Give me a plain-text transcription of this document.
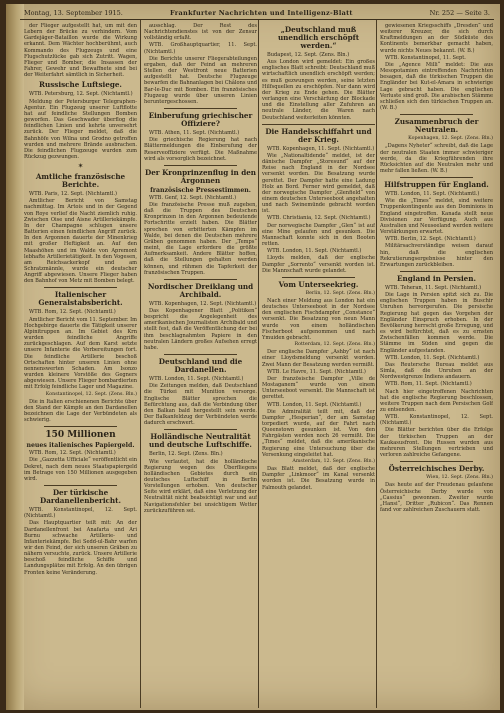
Montag, 13. September 1915.	Frankfurter Nachrichten und Intelligenz-Blatt	Nr. 252 — Seite 3.

der Flieger aufgestellt hat, um mit den Lebern der Brücke zu verhindern. Vom Gardejäger-Bataillon wurde die Wirkung erkannt. Dem Wächter hochberühmt, auch Kommando des Flugzeugs und eine Flugschutzlücke gab sich Zutritt. Wagen, Flieger und Bomber, die Insassen der Fahrer, Gewehr und Bewaffnete sind bei der Weiterfahrt sämtlich in Sicherheit.

Russische Luftsiege.

WTB. Petersburg, 12. Sept. (Nichtamtl.)

Meldung der Petersburger Telegraphen-Agentur. Ein Flugzeug unserer Luftflotte hat auf feindliche Stellungen Bomben geworfen. Das Geschwader überflog die feindlichen Linien und kehrte unversehrt zurück. Der Flieger meldet, daß die Bahnhöfe von Wilna und Grodno getroffen wurden und mehrere Brände ausbrachen. Die feindlichen Flugzeuge wurden zum Rückzug gezwungen.

✶
Amtliche französische Berichte.

WTB. Paris, 12. Sept. (Nichtamtl.)

Amtlicher Bericht von Samstag nachmittag. Im Artois und in der Gegend von Roye verlief die Nacht ziemlich ruhig. Zwischen Oise und Aisne Artilleriekämpfe. In der Champagne schlugen unsere Batterien einen feindlichen Angriff zurück. In den Argonnen dauerte der Minenkrieg mit großer Heftigkeit an. Auf den Maashöhen und im Walde von Apremont lebhafte Artillerietätigkeit. In den Vogesen, am Reichsackerkopf und am Schratzmännle, wurde ein deutscher Angriff abgewiesen. Unsere Flieger haben den Bahnhof von Metz mit Bomben belegt.

Italienischer Generalstabsbericht.

WTB. Rom, 12. Sept. (Nichtamtl.)

Amtlicher Bericht vom 11. September. Im Hochgebirge dauerte die Tätigkeit unserer Alpinitruppen an. Im Gebiet des Krn wurden feindliche Angriffe zurückgeschlagen. Auf dem Karst setzte unsere Infanterie die Vorbereitungen fort. Die feindliche Artillerie beschoß Ortschaften hinter unseren Linien ohne nennenswerten Schaden. Am Isonzo wurden kleinere Vorstöße des Gegners abgewiesen. Unsere Flieger bombardierten mit Erfolg feindliche Lager und Magazine.

Konstantinopel, 12. Sept. (Zens. Bln.)

Die in Italien erschienenen Berichte über den Stand der Kämpfe an den Dardanellen bezeichnen die Lage der Verbündeten als schwierig.

150 Millionen
neues italienisches Papiergeld.

WTB. Rom, 12. Sept. (Nichtamtl.)

Die „Gazzetta Ufficiale“ veröffentlicht ein Dekret, nach dem neues Staatspapiergeld im Betrage von 150 Millionen ausgegeben wird.

Der türkische Dardanellenbericht.

WTB. Konstantinopel, 12. Sept. (Nichtamtl.)

Das Hauptquartier teilt mit: An der Dardanellenfront bei Anafarta und Ari Burnu schwache Artillerie- und Infanteriekämpfe. Bei Sedd-ul-Bahr warfen wir den Feind, der sich unseren Gräben zu nähern versuchte, zurück. Unsere Artillerie beschoß feindliche Schiffe und Landungsplätze mit Erfolg. An den übrigen Fronten keine Veränderung.

ausschlag. Der Rest des Nachrichtendienstes ist von der Zensur vollständig erfaßt.

WTB. Großhauptquartier, 11. Sept. (Nichtamtl.)

Die Berichte unserer Fliegerabteilungen ergaben, daß der Feind an mehreren Stellen der Westfront neue Batterien aufgestellt hat. Deutsche Flugzeuge bewarfen die Bahnanlagen bei Châlons und Bar-le-Duc mit Bomben. Ein französisches Flugzeug wurde über unseren Linien heruntergeschossen.

Einberufung griechischer Offiziere?

WTB. Athen, 11. Sept. (Nichtamtl.)

Die griechische Regierung hat nach Blättermeldungen die Einberufung der Reserveoffiziere verfügt. Die Maßnahme wird als vorsorglich bezeichnet.

Der Kronprinzenflug in den Argonnen
französische Pressestimmen.

WTB. Genf, 12. Sept. (Nichtamtl.)

Die französische Presse muß zugeben, daß die Truppen des Deutschen Kronprinzen in den Argonnen bedeutende Fortschritte erzielt haben. Die Blätter sprechen von erbitterten Kämpfen im Walde, bei denen die Deutschen mehrere Gräben genommen haben. Der „Temps“ meint, die Lage erfordere die größte Aufmerksamkeit. Andere Blätter hoffen, daß die Stellungen gehalten werden können, und rühmen die Tapferkeit der französischen Truppen.

Nordischer Dreiklang und Archibald.

WTB. Kopenhagen, 12. Sept. (Nichtamtl.)

Das Kopenhagener Blatt „Politiken“ bespricht die Angelegenheit des amerikanischen Journalisten Archibald und stellt fest, daß die Veröffentlichung der bei ihm beschlagnahmten Papiere in den neutralen Ländern großes Aufsehen erregt habe.

Deutschland und die Dardanellen.

WTB. London, 11. Sept. (Nichtamtl.)

Die Zeitungen melden, daß Deutschland die Türkei mit Munition versorge. Englische Blätter sprechen die Befürchtung aus, daß die Verbindung über den Balkan bald hergestellt sein werde. Der Balkanfeldzug der Verbündeten werde dadurch erschwert.

Holländische Neutralität und deutsche Luftschiffe.

Berlin, 12. Sept. (Zens. Bln.)

Wie verlautet, hat die holländische Regierung wegen des Überfliegens holländischen Gebietes durch ein deutsches Luftschiff in Berlin Vorstellungen erhoben. Von deutscher Seite wird erklärt, daß eine Verletzung der Neutralität nicht beabsichtigt war und auf Navigationsfehler bei unsichtigem Wetter zurückzuführen sei.

„Deutschland muß unendlich erschöpft werden.“

Budapest, 12. Sept. (Zens. Bln.)

Aus London wird gemeldet: Ein großes englisches Blatt schreibt: Deutschland muß wirtschaftlich unendlich erschöpft werden; es muß gezwungen werden, seine letzten Hilfsquellen zu erschöpfen. Nur dann wird der Krieg zu Ende gehen. Die Blätter verlangen eine Verschärfung der Blockade und die Einstellung aller Zufuhren an neutrale Länder, die Waren nach Deutschland weiterleiten könnten.

Die Handelsschiffahrt und der Krieg.

WTB. Kopenhagen, 11. Sept. (Nichtamtl.)

Wie „Nationaltidende“ meldet, ist der dänische Dampfer „Storesund“ auf der Reise nach England in der Nordsee versenkt worden. Die Besatzung wurde gerettet. Der Dampfer hatte eine Ladung Holz an Bord. Ferner wird gemeldet, daß der norwegische Dampfer „Glenfield“ von einem deutschen Unterseeboot angehalten und nach Swinemünde gebracht worden ist.

WTB. Christiania, 12. Sept. (Nichtamtl.)

Der norwegische Dampfer „Glen“ ist auf eine Mine gelaufen und gesunken. Die Mannschaft konnte sich in den Booten retten.

WTB. London, 11. Sept. (Nichtamtl.)

Lloyds melden, daß der englische Dampfer „Sorrento“ versenkt worden ist. Die Mannschaft wurde gelandet.

Vom Unterseekrieg.

Berlin, 12. Sept. (Zens. Bln.)

Nach einer Meldung aus London hat ein deutsches Unterseeboot in der Nordsee den englischen Fischdampfer „Constance“ versenkt. Die Besatzung von neun Mann wurde von einem holländischen Fischerboot aufgenommen und nach Ymuiden gebracht.

Rotterdam, 12. Sept. (Zens. Bln.)

Der englische Dampfer „Ashby“ ist nach einer Lloydsmeldung versenkt worden. Zwei Mann der Besatzung werden vermißt.

WTB. Le Havre, 11. Sept. (Nichtamtl.)

Der französische Dampfer „Ville de Mostaganem“ wurde von einem Unterseeboot versenkt. Die Mannschaft ist gerettet.

WTB. London, 11. Sept. (Nichtamtl.)

Die Admiralität teilt mit, daß der Dampfer „Hesperian“, der am Samstag torpediert wurde, auf der Fahrt nach Queenstown gesunken ist. Von den Fahrgästen werden noch 26 vermißt. Die „Times“ meldet, daß die amerikanische Regierung eine Untersuchung über die Versenkung eingeleitet hat.

Amsterdam, 12. Sept. (Zens. Bln.)

Das Blatt meldet, daß der englische Dampfer „Linkmoor“ im Kanal versenkt worden ist. Die Besatzung wurde in Falmouth gelandet.

gewiesenen Kriegsschiffs „Dresden“ und weiterer Kreuzer, die sich durch Kraftmeldungen an der Südküste des Kontinents bemerkbar gemacht haben, wurde nichts Neues bekannt. (W. B.)

WTB. Konstantinopel, 11. Sept.

Die „Agence Milli“ meldet: Die aus Mesopotamien eintreffenden Nachrichten besagen, daß die türkischen Truppen die Engländer bei Kut-el-Amara in schwierige Lage gebracht haben. Die englischen Verluste sind groß. Die arabischen Stämme schließen sich den türkischen Truppen an. (W. B.)

Zusammenbruch der Neutralen.

Kopenhagen, 12. Sept. (Zens. Bln.)

„Dagens Nyheter“ schreibt, daß die Lage der neutralen Staaten immer schwieriger werde, da die Kriegführenden ihre Rücksichten auf die Neutralen mehr und mehr fallen ließen. (W. B.)

Hilfstruppen für England.

WTB. London, 11. Sept. (Nichtamtl.)

Wie die „Times“ meldet, sind weitere Truppenkontingente aus den Dominions in England eingetroffen. Kanada stellt neue Divisionen zur Verfügung. Auch aus Australien und Neuseeland werden weitere Verstärkungen erwartet.

WTB. Berlin, 12. Sept. (Nichtamtl.)

Militärsachverständige weisen darauf hin, daß die englischen Rekrutierungsergebnisse hinter den Erwartungen zurückbleiben.

England in Persien.

WTB. Teheran, 11. Sept. (Nichtamtl.)

Die Lage in Persien spitzt sich zu. Die englischen Truppen haben in Buschir Unruhen hervorgerufen. Die persische Regierung hat gegen das Vorgehen der Engländer Einspruch erhoben. In der Bevölkerung herrscht große Erregung, und es wird befürchtet, daß es zu ernsten Zwischenfällen kommen werde. Die Stämme im Süden sind gegen die Engländer aufgestanden.

WTB. London, 11. Sept. (Nichtamtl.)

Das Reutersche Bureau meldet aus Simla, daß die Unruhen an der Nordwestgrenze Indiens andauern.

WTB. Rom, 11. Sept. (Nichtamtl.)

Nach hier eingetroffenen Nachrichten hat die englische Regierung beschlossen, weitere Truppen nach dem Persischen Golf zu entsenden.

WTB. Konstantinopel, 12. Sept. (Nichtamtl.)

Die Blätter berichten über die Erfolge der türkischen Truppen an der Kaukasusfront. Die Russen wurden aus mehreren Stellungen vertrieben und verloren zahlreiche Gefangene.

Österreichisches Derby.

Wien, 12. Sept. (Zens. Bln.)

Das heute auf der Freudenau gelaufene Österreichische Derby wurde von „Cassius“ gewonnen. Zweiter wurde „Hansi“, Dritter „Rubicon“. Das Rennen fand vor zahlreichen Zuschauern statt.
